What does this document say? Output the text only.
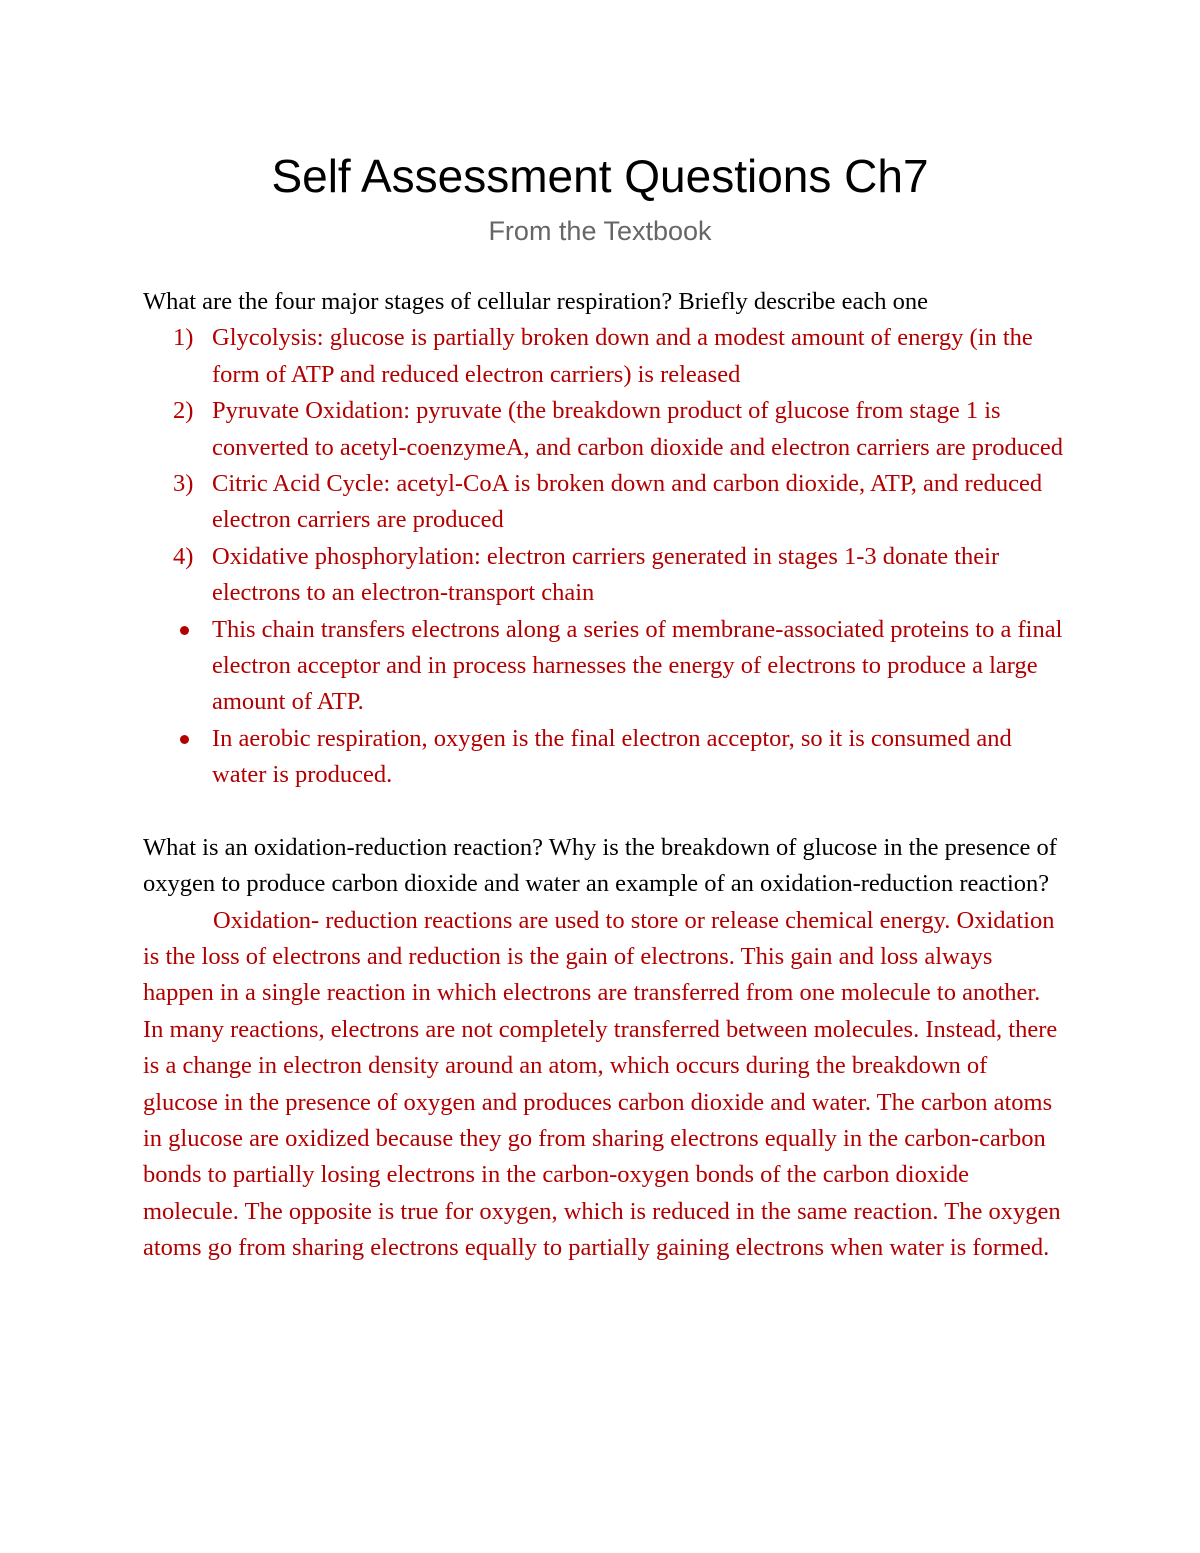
Self Assessment Questions Ch7
From the Textbook

What are the four major stages of cellular respiration? Briefly describe each one

1) Glycolysis: glucose is partially broken down and a modest amount of energy (in the form of ATP and reduced electron carriers) is released
2) Pyruvate Oxidation: pyruvate (the breakdown product of glucose from stage 1 is converted to acetyl-coenzymeA, and carbon dioxide and electron carriers are produced
3) Citric Acid Cycle: acetyl-CoA is broken down and carbon dioxide, ATP, and reduced electron carriers are produced
4) Oxidative phosphorylation: electron carriers generated in stages 1-3 donate their electrons to an electron-transport chain
This chain transfers electrons along a series of membrane-associated proteins to a final electron acceptor and in process harnesses the energy of electrons to produce a large amount of ATP.
In aerobic respiration, oxygen is the final electron acceptor, so it is consumed and water is produced.

What is an oxidation-reduction reaction? Why is the breakdown of glucose in the presence of oxygen to produce carbon dioxide and water an example of an oxidation-reduction reaction?

Oxidation- reduction reactions are used to store or release chemical energy. Oxidation is the loss of electrons and reduction is the gain of electrons. This gain and loss always happen in a single reaction in which electrons are transferred from one molecule to another. In many reactions, electrons are not completely transferred between molecules. Instead, there is a change in electron density around an atom, which occurs during the breakdown of glucose in the presence of oxygen and produces carbon dioxide and water. The carbon atoms in glucose are oxidized because they go from sharing electrons equally in the carbon-carbon bonds to partially losing electrons in the carbon-oxygen bonds of the carbon dioxide molecule. The opposite is true for oxygen, which is reduced in the same reaction. The oxygen atoms go from sharing electrons equally to partially gaining electrons when water is formed.
